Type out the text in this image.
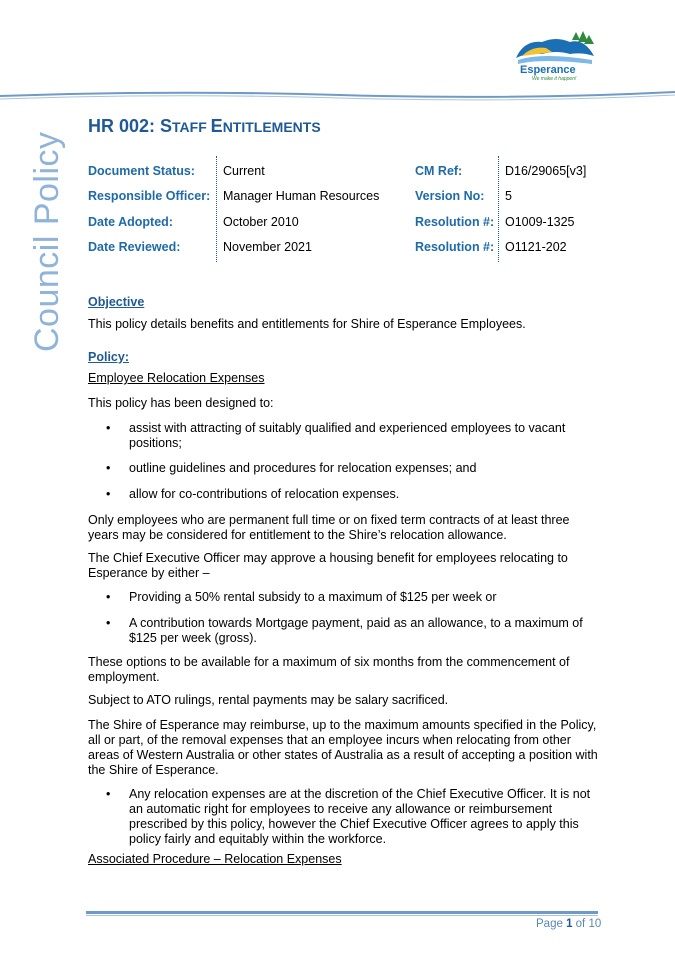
Council Policy
Esperance
We make it happen!
HR 002: STAFF ENTITLEMENTS
Document Status:
Responsible Officer:
Date Adopted:
Date Reviewed:
Current
Manager Human Resources
October 2010
November 2021
CM Ref:
Version No:
Resolution #:
Resolution #:
D16/29065[v3]
5
O1009-1325
O1121-202
Objective
This policy details benefits and entitlements for Shire of Esperance Employees.
Policy:
Employee Relocation Expenses
This policy has been designed to:
• assist with attracting of suitably qualified and experienced employees to vacant positions;
• outline guidelines and procedures for relocation expenses; and
• allow for co-contributions of relocation expenses.
Only employees who are permanent full time or on fixed term contracts of at least three years may be considered for entitlement to the Shire’s relocation allowance.
The Chief Executive Officer may approve a housing benefit for employees relocating to Esperance by either –
• Providing a 50% rental subsidy to a maximum of $125 per week or
• A contribution towards Mortgage payment, paid as an allowance, to a maximum of $125 per week (gross).
These options to be available for a maximum of six months from the commencement of employment.
Subject to ATO rulings, rental payments may be salary sacrificed.
The Shire of Esperance may reimburse, up to the maximum amounts specified in the Policy, all or part, of the removal expenses that an employee incurs when relocating from other areas of Western Australia or other states of Australia as a result of accepting a position with the Shire of Esperance.
• Any relocation expenses are at the discretion of the Chief Executive Officer. It is not an automatic right for employees to receive any allowance or reimbursement prescribed by this policy, however the Chief Executive Officer agrees to apply this policy fairly and equitably within the workforce.
Associated Procedure – Relocation Expenses
Page 1 of 10
